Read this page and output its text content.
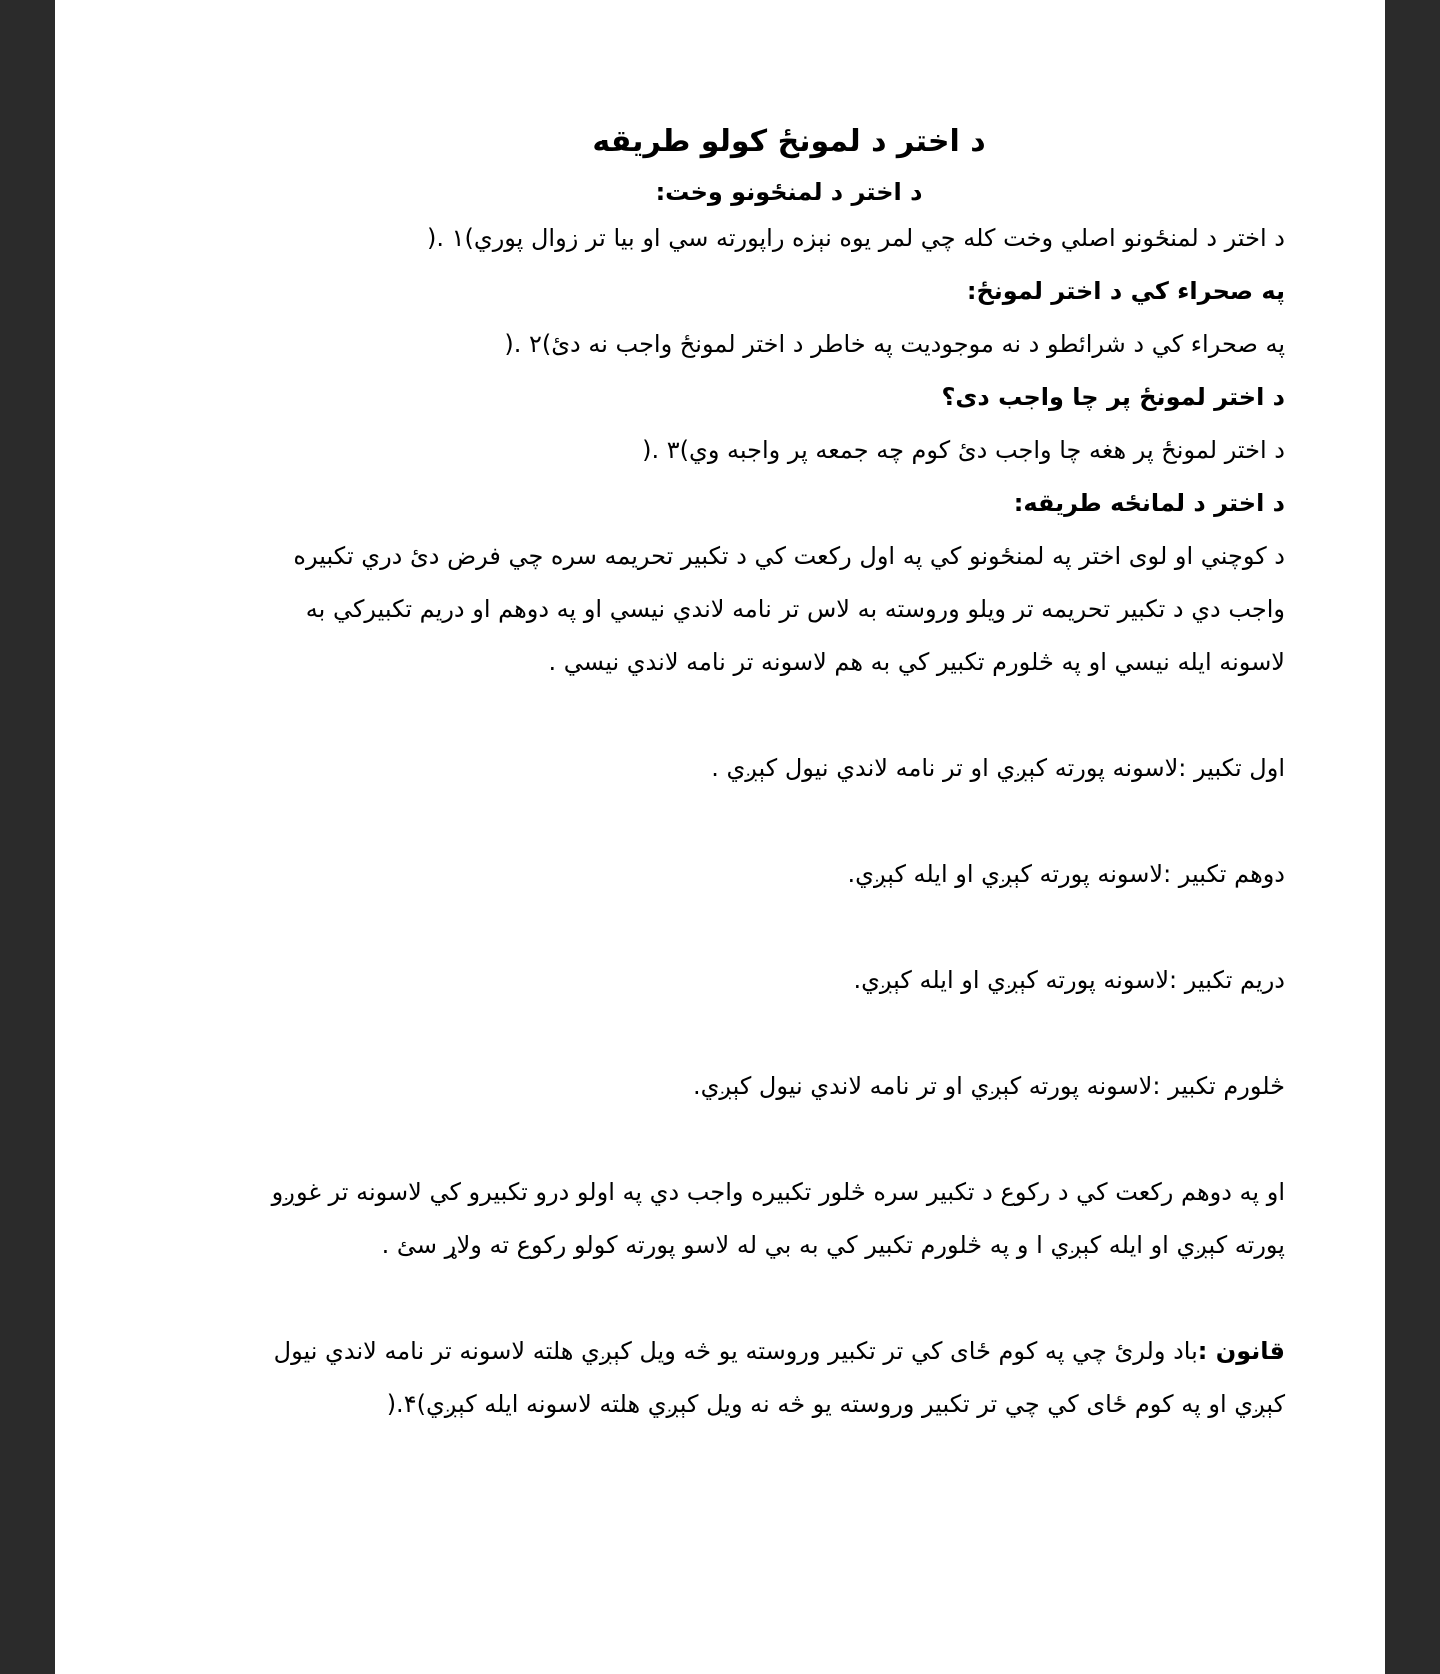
د اختر د لمونځ کولو طریقه
د اختر د لمنځونو وخت:

د اختر د لمنځونو اصلي وخت کله چي لمر یوه نېزه راپورته سي او بيا تر زوال پوري)١ .(

په صحراء کي د اختر لمونځ:

په صحراء کي د شرائطو د نه موجودیت په خاطر د اختر لمونځ واجب نه دئ)٢ .(

د اختر لمونځ پر چا واجب دی؟

د اختر لمونځ پر هغه چا واجب دئ کوم چه جمعه پر واجبه وي)٣ .(

د اختر د لمانځه طریقه:

د کوچني او لوی اختر په لمنځونو کي په اول رکعت کي د تکبیر تحریمه سره چي فرض دئ دري تکبیره واجب دي د تکبیر تحریمه تر ویلو وروسته به لاس تر نامه لاندي نیسي او په دوهم او دریم تکبیرکي به لاسونه ایله نیسي او په څلورم تکبیر کي به هم لاسونه تر نامه لاندي نیسي .

اول تکبیر :لاسونه پورته کېږي او تر نامه لاندي نیول کېږي .

دوهم تکبیر :لاسونه پورته کېږي او ایله کېږي.

دریم تکبیر :لاسونه پورته کېږي او ایله کېږي.

څلورم تکبیر :لاسونه پورته کېږي او تر نامه لاندي نیول کېږي.

او په دوهم رکعت کي د رکوع د تکبیر سره څلور تکبیره واجب دي په اولو درو تکبیرو کي لاسونه تر غوږو پورته کېږي او ایله کېږي ا و په څلورم تکبیر کي به بي له لاسو پورته کولو رکوع ته ولاړ سئ .

قانون :باد ولرئ چي په کوم ځای کي تر تکبیر وروسته یو څه ویل کېږي هلته لاسونه تر نامه لاندي نیول کېږي او په کوم ځای کي چي تر تکبیر وروسته یو څه نه ویل کېږي هلته لاسونه ایله کېږي)۴.(
